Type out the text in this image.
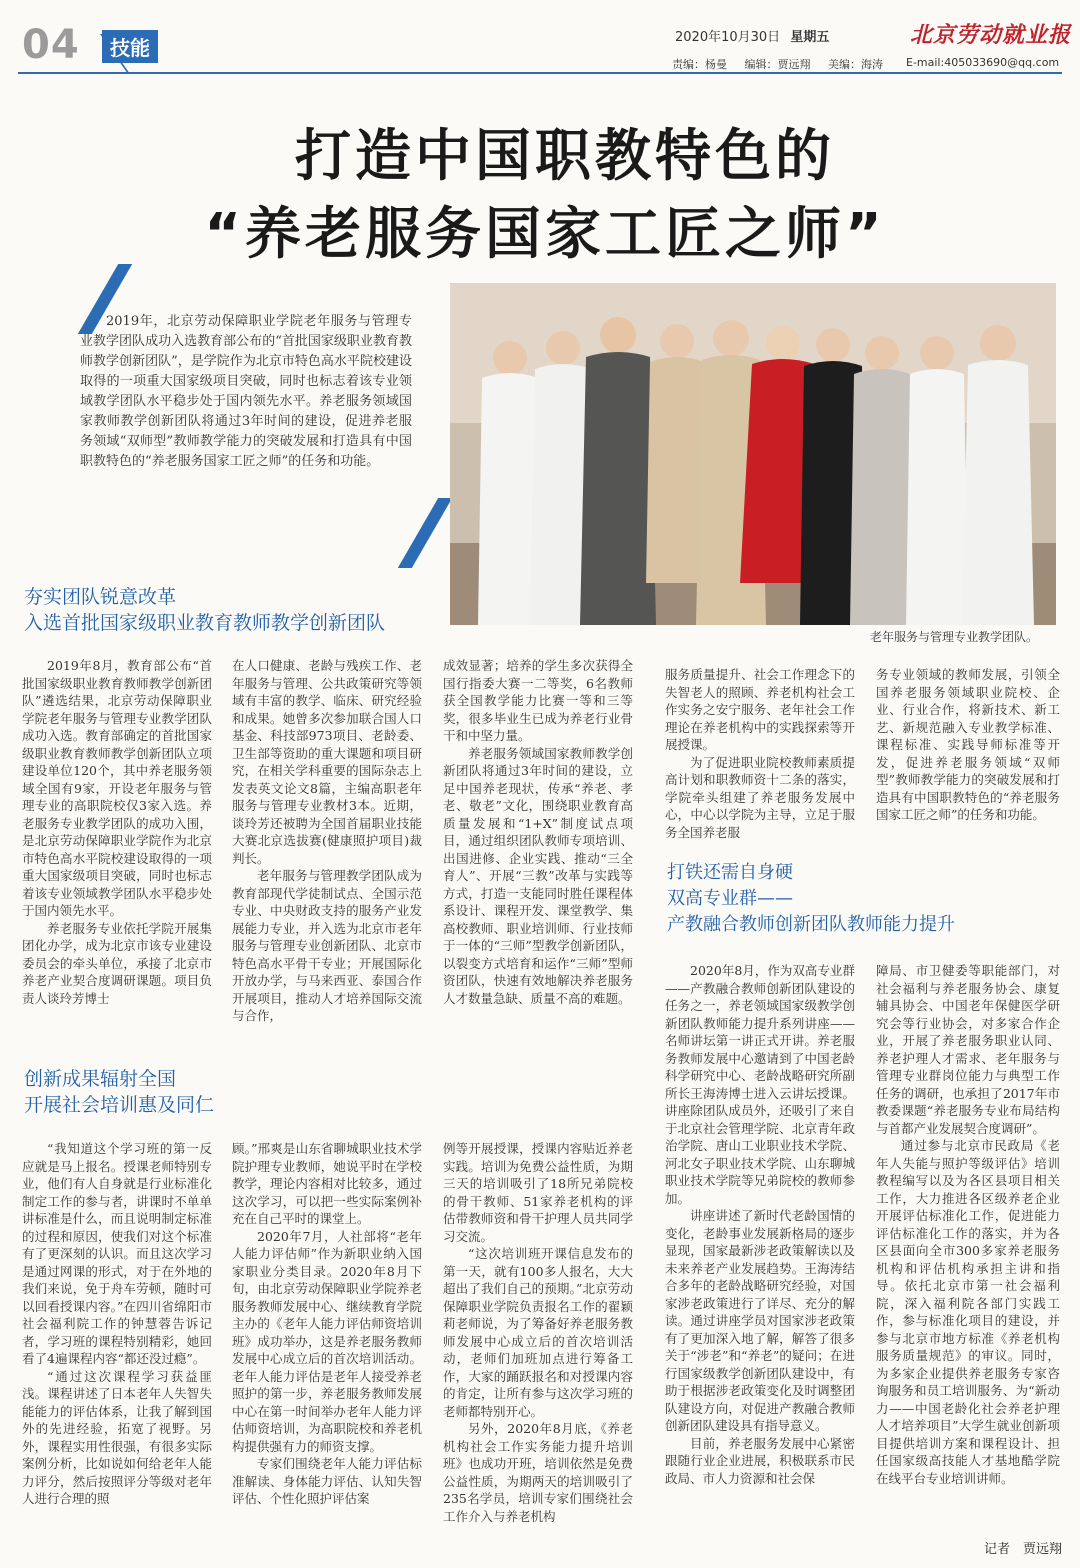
04	技能	2020年10月30日 星期五	北京劳动就业报
责编：杨曼 编辑：贾远翔 美编：海涛	E-mail:405033690@qq.com
打造中国职教特色的
“养老服务国家工匠之师”
2019年，北京劳动保障职业学院老年服务与管理专业教学团队成功入选教育部公布的“首批国家级职业教育教师教学创新团队”，是学院作为北京市特色高水平院校建设取得的一项重大国家级项目突破，同时也标志着该专业领域教学团队水平稳步处于国内领先水平。养老服务领域国家教师教学创新团队将通过3年时间的建设，促进养老服务领域“双师型”教师教学能力的突破发展和打造具有中国职教特色的“养老服务国家工匠之师”的任务和功能。
老年服务与管理专业教学团队。
夯实团队锐意改革
入选首批国家级职业教育教师教学创新团队

2019年8月，教育部公布“首批国家级职业教育教师教学创新团队”遴选结果，北京劳动保障职业学院老年服务与管理专业教学团队成功入选。教育部确定的首批国家级职业教育教师教学创新团队立项建设单位120个，其中养老服务领域全国有9家，开设老年服务与管理专业的高职院校仅3家入选。养老服务专业教学团队的成功入围，是北京劳动保障职业学院作为北京市特色高水平院校建设取得的一项重大国家级项目突破，同时也标志着该专业领域教学团队水平稳步处于国内领先水平。

养老服务专业依托学院开展集团化办学，成为北京市该专业建设委员会的牵头单位，承接了北京市养老产业契合度调研课题。项目负责人谈玲芳博士

在人口健康、老龄与残疾工作、老年服务与管理、公共政策研究等领域有丰富的教学、临床、研究经验和成果。她曾多次参加联合国人口基金、科技部973项目、老龄委、卫生部等资助的重大课题和项目研究，在相关学科重要的国际杂志上发表英文论文8篇，主编高职老年服务与管理专业教材3本。近期，谈玲芳还被聘为全国首届职业技能大赛北京选拔赛(健康照护项目)裁判长。

老年服务与管理教学团队成为教育部现代学徒制试点、全国示范专业、中央财政支持的服务产业发展能力专业，并入选为北京市老年服务与管理专业创新团队、北京市特色高水平骨干专业；开展国际化开放办学，与马来西亚、泰国合作开展项目，推动人才培养国际交流与合作，

成效显著；培养的学生多次获得全国行指委大赛一二等奖，6名教师获全国教学能力比赛一等和三等奖，很多毕业生已成为养老行业骨干和中坚力量。

养老服务领域国家教师教学创新团队将通过3年时间的建设，立足中国养老现状，传承“养老、孝老、敬老”文化，围绕职业教育高质量发展和“1+X”制度试点项目，通过组织团队教师专项培训、出国进修、企业实践、推动“三全育人”、开展“三教”改革与实践等方式，打造一支能同时胜任课程体系设计、课程开发、课堂教学、集高校教师、职业培训师、行业技师于一体的“三师”型教学创新团队，以裂变方式培育和运作“三师”型师资团队，快速有效地解决养老服务人才数量急缺、质量不高的难题。

创新成果辐射全国
开展社会培训惠及同仁

“我知道这个学习班的第一反应就是马上报名。授课老师特别专业，他们有人自身就是行业标准化制定工作的参与者，讲课时不单单讲标准是什么，而且说明制定标准的过程和原因，使我们对这个标准有了更深刻的认识。而且这次学习是通过网课的形式，对于在外地的我们来说，免于舟车劳顿，随时可以回看授课内容。”在四川省绵阳市社会福利院工作的钟慧蓉告诉记者，学习班的课程特别精彩，她回看了4遍课程内容“都还没过瘾”。

“通过这次课程学习获益匪浅。课程讲述了日本老年人失智失能能力的评估体系，让我了解到国外的先进经验，拓宽了视野。另外，课程实用性很强，有很多实际案例分析，比如说如何给老年人能力评分，然后按照评分等级对老年人进行合理的照

顾。”邢爽是山东省聊城职业技术学院护理专业教师，她说平时在学校教学，理论内容相对比较多，通过这次学习，可以把一些实际案例补充在自己平时的课堂上。

2020年7月，人社部将“老年人能力评估师”作为新职业纳入国家职业分类目录。2020年8月下旬，由北京劳动保障职业学院养老服务教师发展中心、继续教育学院主办的《老年人能力评估师资培训班》成功举办，这是养老服务教师发展中心成立后的首次培训活动。老年人能力评估是老年人接受养老照护的第一步，养老服务教师发展中心在第一时间举办老年人能力评估师资培训，为高职院校和养老机构提供强有力的师资支撑。

专家们围绕老年人能力评估标准解读、身体能力评估、认知失智评估、个性化照护评估案

例等开展授课，授课内容贴近养老实践。培训为免费公益性质，为期三天的培训吸引了18所兄弟院校的骨干教师、51家养老机构的评估带教师资和骨干护理人员共同学习交流。

“这次培训班开课信息发布的第一天，就有100多人报名，大大超出了我们自己的预期。”北京劳动保障职业学院负责报名工作的翟颖莉老师说，为了筹备好养老服务教师发展中心成立后的首次培训活动，老师们加班加点进行筹备工作，大家的踊跃报名和对授课内容的肯定，让所有参与这次学习班的老师都特别开心。

另外，2020年8月底，《养老机构社会工作实务能力提升培训班》也成功开班，培训依然是免费公益性质，为期两天的培训吸引了235名学员，培训专家们围绕社会工作介入与养老机构

服务质量提升、社会工作理念下的失智老人的照顾、养老机构社会工作实务之安宁服务、老年社会工作理论在养老机构中的实践探索等开展授课。

为了促进职业院校教师素质提高计划和职教师资十二条的落实，学院牵头组建了养老服务发展中心，中心以学院为主导，立足于服务全国养老服

务专业领域的教师发展，引领全国养老服务领域职业院校、企业、行业合作，将新技术、新工艺、新规范融入专业教学标准、课程标准、实践导师标准等开发，促进养老服务领域“双师型”教师教学能力的突破发展和打造具有中国职教特色的“养老服务国家工匠之师”的任务和功能。

打铁还需自身硬
双高专业群——
产教融合教师创新团队教师能力提升

2020年8月，作为双高专业群——产教融合教师创新团队建设的任务之一，养老领域国家级教学创新团队教师能力提升系列讲座——名师讲坛第一讲正式开讲。养老服务教师发展中心邀请到了中国老龄科学研究中心、老龄战略研究所副所长王海涛博士进入云讲坛授课。讲座除团队成员外，还吸引了来自于北京社会管理学院、北京青年政治学院、唐山工业职业技术学院、河北女子职业技术学院、山东聊城职业技术学院等兄弟院校的教师参加。

讲座讲述了新时代老龄国情的变化，老龄事业发展新格局的逐步显现，国家最新涉老政策解读以及未来养老产业发展趋势。王海涛结合多年的老龄战略研究经验，对国家涉老政策进行了详尽、充分的解读。通过讲座学员对国家涉老政策有了更加深入地了解，解答了很多关于“涉老”和“养老”的疑问；在进行国家级教学创新团队建设中，有助于根据涉老政策变化及时调整团队建设方向，对促进产教融合教师创新团队建设具有指导意义。

目前，养老服务发展中心紧密跟随行业企业进展，积极联系市民政局、市人力资源和社会保

障局、市卫健委等职能部门，对社会福利与养老服务协会、康复辅具协会、中国老年保健医学研究会等行业协会，对多家合作企业，开展了养老服务职业认同、养老护理人才需求、老年服务与管理专业群岗位能力与典型工作任务的调研，也承担了2017年市教委课题“养老服务专业布局结构与首都产业发展契合度调研”。

通过参与北京市民政局《老年人失能与照护等级评估》培训教程编写以及为各区县项目相关工作，大力推进各区级养老企业开展评估标准化工作，促进能力评估标准化工作的落实，并为各区县面向全市300多家养老服务机构和评估机构承担主讲和指导。依托北京市第一社会福利院，深入福利院各部门实践工作，参与标准化项目的建设，并参与北京市地方标准《养老机构服务质量规范》的审议。同时，为多家企业提供养老服务专家咨询服务和员工培训服务、为“新动力——中国老龄化社会养老护理人才培养项目”大学生就业创新项目提供培训方案和课程设计、担任国家级高技能人才基地酷学院在线平台专业培训讲师。

记者　贾远翔
